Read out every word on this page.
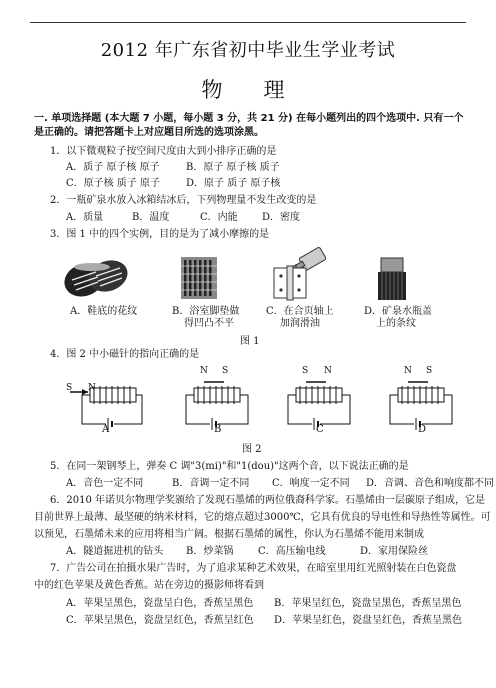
2012 年广东省初中毕业生学业考试
物　理
一. 单项选择题 (本大题 7 小题，每小题 3 分，共 21 分) 在每小题列出的四个选项中. 只有一个是正确的。请把答题卡上对应题目所选的选项涂黑。
1．以下微观粒子按空间尺度由大到小排序正确的是
A．质子 原子核 原子	B．原子 原子核 质子
C．原子核 质子 原子	D．原子 质子 原子核
2．一瓶矿泉水放入冰箱结冰后，下列物理量不发生改变的是
A．质量	B．温度	C．内能 D．密度
3．图 1 中的四个实例，目的是为了减小摩擦的是
A．鞋底的花纹	B．浴室脚垫做
得凹凸不平
C．在合页轴上
加润滑油
D．矿泉水瓶盖
上的条纹
图 1
4．图 2 中小磁针的指向正确的是
S N
N S	S N	N S
A	B	C	D
图 2
5．在同一架钢琴上，弹奏 C 调"3(mi)"和"1(dou)"这两个音，以下说法正确的是
A．音色一定不同	B．音调一定不同 C．响度一定不同 D．音调、音色和响度都不同
6．2010 年诺贝尔物理学奖颁给了发现石墨烯的两位俄裔科学家。石墨烯由一层碳原子组成，它是
目前世界上最薄、最坚硬的纳米材料，它的熔点超过3000℃，它具有优良的导电性和导热性等属性。可
以预见，石墨烯未来的应用将相当广阔。根据石墨烯的属性，你认为石墨烯不能用来制成
A．隧道掘进机的钻头 B．炒菜锅 C．高压输电线	D．家用保险丝
7．广告公司在拍摄水果广告时，为了追求某种艺术效果，在暗室里用红光照射装在白色瓷盘
中的红色苹果及黄色香蕉。站在旁边的摄影师将看到
A．苹果呈黑色，瓷盘呈白色，香蕉呈黑色 B．苹果呈红色，瓷盘呈黑色，香蕉呈黑色
C．苹果呈黑色，瓷盘呈红色，香蕉呈红色 D．苹果呈红色，瓷盘呈红色，香蕉呈黑色
